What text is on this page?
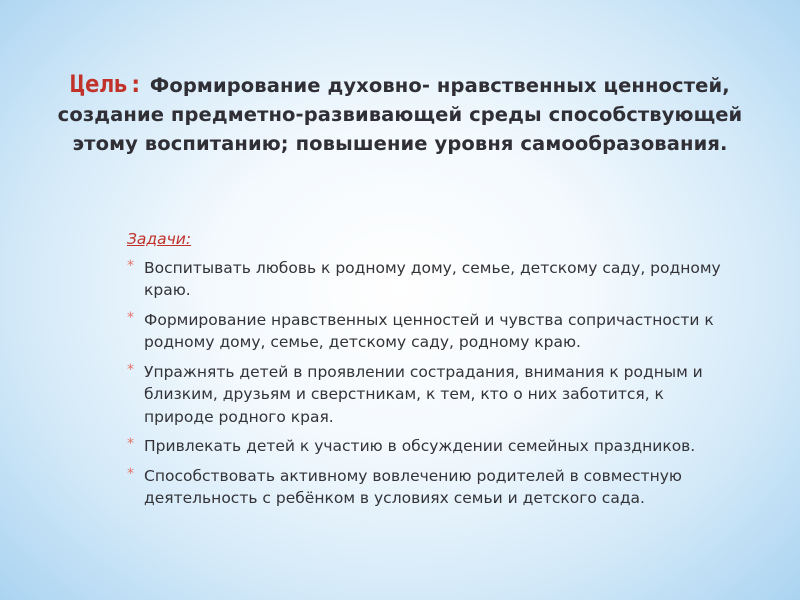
Цель: Формирование духовно- нравственных ценностей, создание предметно-развивающей среды способствующей этому воспитанию; повышение уровня самообразования.
Задачи:
* Воспитывать любовь к родному дому, семье, детскому саду, родному краю.
* Формирование нравственных ценностей и чувства сопричастности к родному дому, семье, детскому саду, родному краю.
* Упражнять детей в проявлении сострадания, внимания к родным и близким, друзьям и сверстникам, к тем, кто о них заботится, к природе родного края.
* Привлекать детей к участию в обсуждении семейных праздников.
* Способствовать активному вовлечению родителей в совместную деятельность с ребёнком в условиях семьи и детского сада.
